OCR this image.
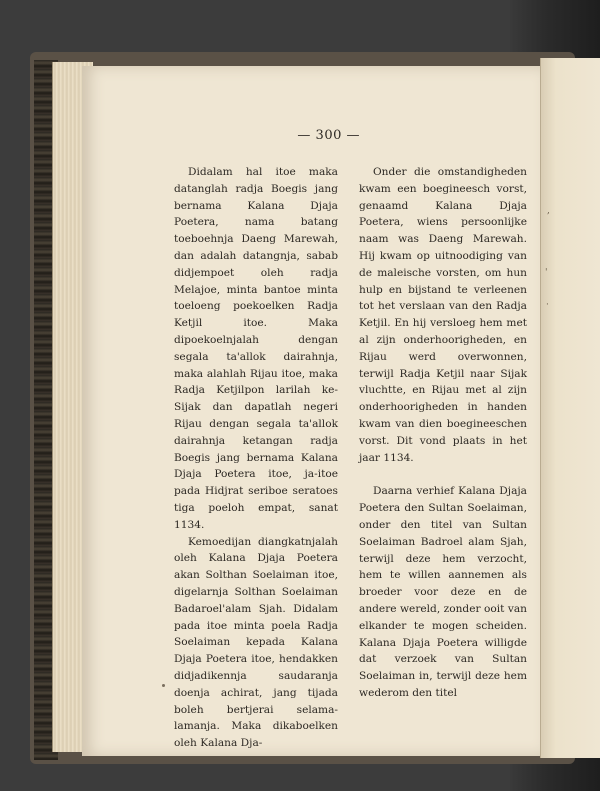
,
'
·
— 300 —

Didalam hal itoe maka datanglah radja Boegis jang bernama Kalana Djaja Poetera, nama batang toeboehnja Daeng Marewah, dan adalah datangnja, sabab didjempoet oleh radja Melajoe, minta bantoe minta toeloeng poekoelken Radja Ketjil itoe. Maka dipoekoelnjalah dengan segala ta'allok dairahnja, maka alahlah Rijau itoe, maka Radja Ketjilpon larilah ke-Sijak dan dapatlah negeri Rijau dengan segala ta'allok dairahnja ketangan radja Boegis jang bernama Kalana Djaja Poetera itoe, ja-itoe pada Hidjrat seriboe seratoes tiga poeloh empat, sanat 1134.

Kemoedijan diangkatnjalah oleh Kalana Djaja Poetera akan Solthan Soelaiman itoe, digelarnja Solthan Soelaiman Badaroel'alam Sjah. Didalam pada itoe minta poela Radja Soelaiman kepada Kalana Djaja Poetera itoe, hendakken didjadikennja saudaranja doenja achirat, jang tijada boleh bertjerai selama-lamanja. Maka dikaboelken oleh Kalana Dja-

Onder die omstandigheden kwam een boegineesch vorst, genaamd Kalana Djaja Poetera, wiens persoonlijke naam was Daeng Marewah. Hij kwam op uitnoodiging van de maleische vorsten, om hun hulp en bijstand te verleenen tot het verslaan van den Radja Ketjil. En hij versloeg hem met al zijn onderhoorigheden, en Rijau werd overwonnen, terwijl Radja Ketjil naar Sijak vluchtte, en Rijau met al zijn onderhoorigheden in handen kwam van dien boegineeschen vorst. Dit vond plaats in het jaar 1134.

Daarna verhief Kalana Djaja Poetera den Sultan Soelaiman, onder den titel van Sultan Soelaiman Badroel alam Sjah, terwijl deze hem verzocht, hem te willen aannemen als broeder voor deze en de andere wereld, zonder ooit van elkander te mogen scheiden. Kalana Djaja Poetera willigde dat verzoek van Sultan Soelaiman in, terwijl deze hem wederom den titel
